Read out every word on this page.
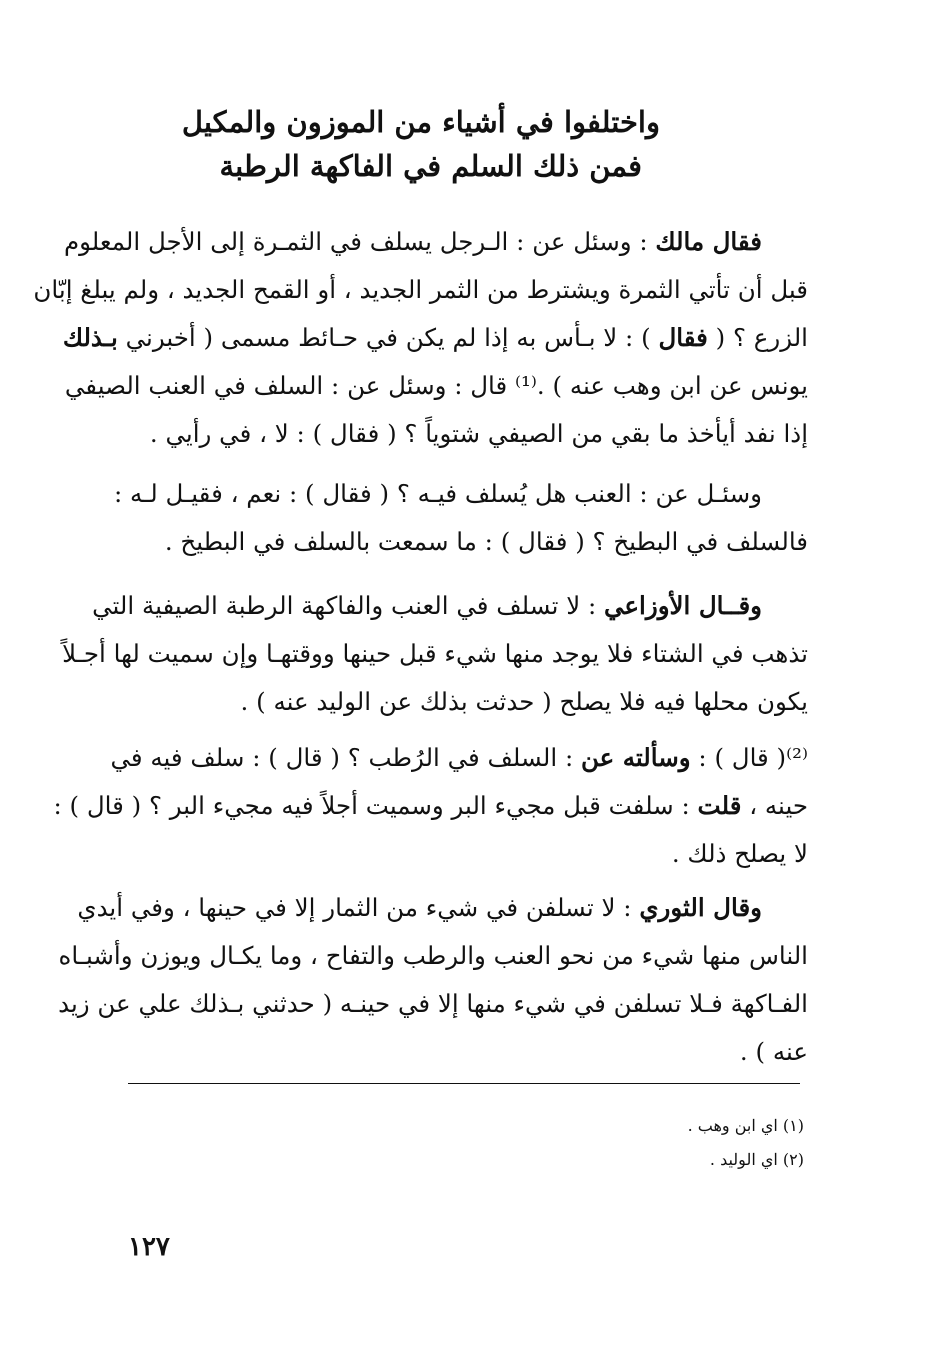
واختلفوا في أشياء من الموزون والمكيل
فمن ذلك السلم في الفاكهة الرطبة
فقال مالك : وسئل عن : الـرجل يسلف في الثمـرة إلى الأجل المعلوم
قبل أن تأتي الثمرة ويشترط من الثمر الجديد ، أو القمح الجديد ، ولم يبلغ إبّان
الزرع ؟ ( فقال ) : لا بـأس به إذا لم يكن في حـائط مسمى ( أخبرني بـذلك
يونس عن ابن وهب عنه ) .⁽¹⁾ قال : وسئل عن : السلف في العنب الصيفي
إذا نفد أيأخذ ما بقي من الصيفي شتوياً ؟ ( فقال ) : لا ، في رأيي .
وسئـل عن : العنب هل يُسلف فيـه ؟ ( فقال ) : نعم ، فقيـل لـه :
فالسلف في البطيخ ؟ ( فقال ) : ما سمعت بالسلف في البطيخ .
وقــال الأوزاعي : لا تسلف في العنب والفاكهة الرطبة الصيفية التي
تذهب في الشتاء فلا يوجد منها شيء قبل حينها ووقتهـا وإن سميت لها أجـلاً
يكون محلها فيه فلا يصلح ( حدثت بذلك عن الوليد عنه ) .
⁽²⁾( قال ) : وسألته عن : السلف في الرُطب ؟ ( قال ) : سلف فيه في
حينه ، قلت : سلفت قبل مجيء البر وسميت أجلاً فيه مجيء البر ؟ ( قال ) :
لا يصلح ذلك .
وقال الثوري : لا تسلفن في شيء من الثمار إلا في حينها ، وفي أيدي
الناس منها شيء من نحو العنب والرطب والتفاح ، وما يكـال ويوزن وأشبـاه
الفـاكهة فـلا تسلفن في شيء منها إلا في حينـه ( حدثني بـذلك علي عن زيد
عنه ) .
(١) اي ابن وهب .
(٢) اي الوليد .
١٢٧
